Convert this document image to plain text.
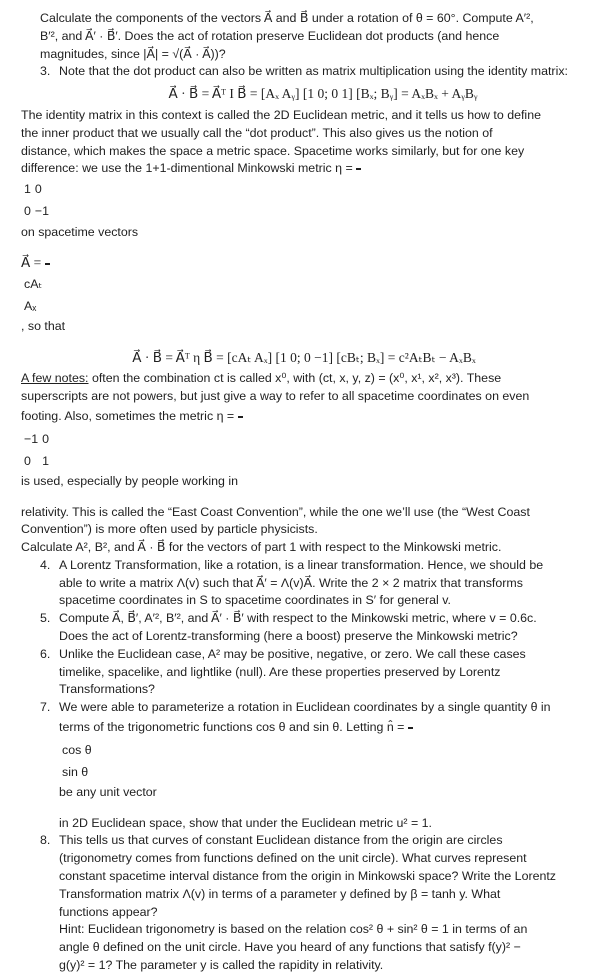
Calculate the components of the vectors A⃗ and B⃗ under a rotation of θ = 60°. Compute A′²,

B′², and A⃗′ · B⃗′. Does the act of rotation preserve Euclidean dot products (and hence

magnitudes, since |A⃗| = √(A⃗ · A⃗))?

3. Note that the dot product can also be written as matrix multiplication using the identity matrix:

A⃗ · B⃗ = A⃗ᵀ I B⃗ = [Aₓ Aᵧ] [1 0; 0 1] [Bₓ; Bᵧ] = AₓBₓ + AᵧBᵧ

The identity matrix in this context is called the 2D Euclidean metric, and it tells us how to define

the inner product that we usually call the “dot product”. This also gives us the notion of

distance, which makes the space a metric space. Spacetime works similarly, but for one key

difference: we use the 1+1-dimentional Minkowski metric η =

1	0
0	−1
on spacetime vectors

A⃗ =

cAₜ
Aₓ
, so that

A⃗ · B⃗ = A⃗ᵀ η B⃗ = [cAₜ Aₓ] [1 0; 0 −1] [cBₜ; Bₓ] = c²AₜBₜ − AₓBₓ

A few notes: often the combination ct is called x⁰, with (ct, x, y, z) = (x⁰, x¹, x², x³). These

superscripts are not powers, but just give a way to refer to all spacetime coordinates on even

footing. Also, sometimes the metric η =

−1	0
0	1
is used, especially by people working in

relativity. This is called the “East Coast Convention”, while the one we’ll use (the “West Coast

Convention”) is more often used by particle physicists.

Calculate A², B², and A⃗ · B⃗ for the vectors of part 1 with respect to the Minkowski metric.

4. A Lorentz Transformation, like a rotation, is a linear transformation. Hence, we should be

able to write a matrix Λ(v) such that A⃗′ = Λ(v)A⃗. Write the 2 × 2 matrix that transforms

spacetime coordinates in S to spacetime coordinates in S′ for general v.

5. Compute A⃗, B⃗′, A′², B′², and A⃗′ · B⃗′ with respect to the Minkowski metric, where v = 0.6c.

Does the act of Lorentz-transforming (here a boost) preserve the Minkowski metric?

6. Unlike the Euclidean case, A² may be positive, negative, or zero. We call these cases

timelike, spacelike, and lightlike (null). Are these properties preserved by Lorentz

Transformations?

7. We were able to parameterize a rotation in Euclidean coordinates by a single quantity θ in

terms of the trigonometric functions cos θ and sin θ. Letting n̂ =

cos θ
sin θ
be any unit vector

in 2D Euclidean space, show that under the Euclidean metric u² = 1.

8. This tells us that curves of constant Euclidean distance from the origin are circles

(trigonometry comes from functions defined on the unit circle). What curves represent

constant spacetime interval distance from the origin in Minkowski space? Write the Lorentz

Transformation matrix Λ(v) in terms of a parameter y defined by β = tanh y. What

functions appear?

Hint: Euclidean trigonometry is based on the relation cos² θ + sin² θ = 1 in terms of an

angle θ defined on the unit circle. Have you heard of any functions that satisfy f(y)² −

g(y)² = 1? The parameter y is called the rapidity in relativity.
